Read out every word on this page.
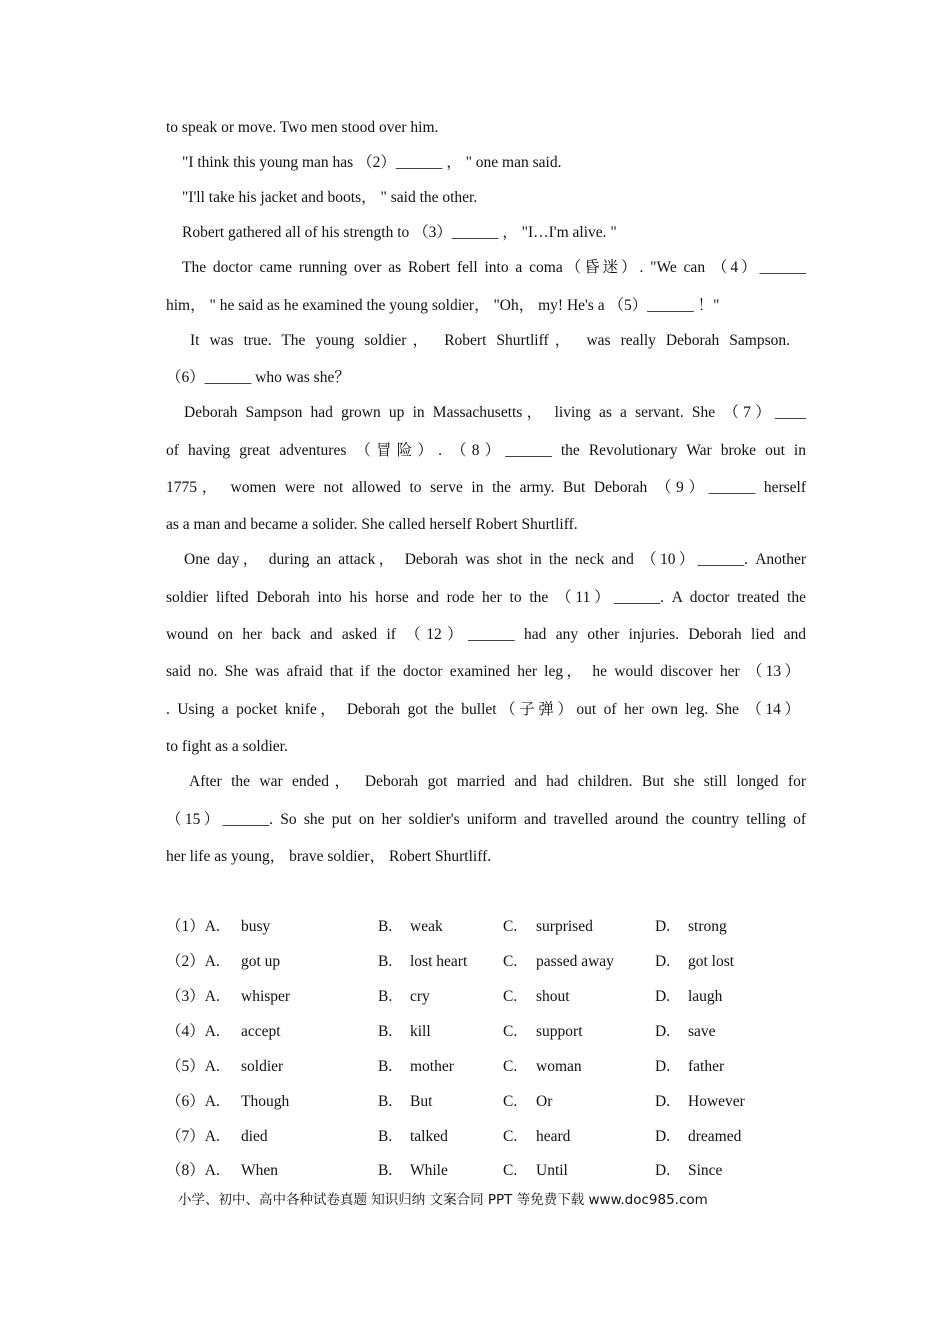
to speak or move. Two men stood over him.
"I think this young man has （2）______ ， " one man said.
"I'll take his jacket and boots， " said the other.
Robert gathered all of his strength to （3）______ ， "I…I'm alive. "
The doctor came running over as Robert fell into a coma（昏迷）. "We can （4）______
him， " he said as he examined the young soldier， "Oh， my! He's a （5）______ ！"
It was true. The young soldier， Robert Shurtliff， was really Deborah Sampson.
（6）______ who was she？
Deborah Sampson had grown up in Massachusetts， living as a servant. She （7）____
of having great adventures （冒险）. （8）______ the Revolutionary War broke out in
1775， women were not allowed to serve in the army. But Deborah （9）______ herself
as a man and became a solider. She called herself Robert Shurtliff.
One day， during an attack， Deborah was shot in the neck and （10）______. Another
soldier lifted Deborah into his horse and rode her to the （11）______. A doctor treated the
wound on her back and asked if （12）______ had any other injuries. Deborah lied and
said no. She was afraid that if the doctor examined her leg， he would discover her （13）
. Using a pocket knife， Deborah got the bullet（子弹）out of her own leg. She （14）
to fight as a soldier.
After the war ended， Deborah got married and had children. But she still longed for
（15）______. So she put on her soldier's uniform and travelled around the country telling of
her life as young， brave soldier， Robert Shurtliff.
（1）A. busy	B. weak	C. surprised	D. strong
（2）A. got up	B. lost heart C. passed away	D. got lost
（3）A. whisper	B. cry	C. shout	D. laugh
（4）A. accept	B. kill	C. support	D. save
（5）A. soldier	B. mother	C. woman	D. father
（6）A. Though	B. But	C. Or	D. However
（7）A. died	B. talked	C. heard	D. dreamed
（8）A. When	B. While	C. Until	D. Since
小学、初中、高中各种试卷真题 知识归纳 文案合同 PPT 等免费下载 www.doc985.com
